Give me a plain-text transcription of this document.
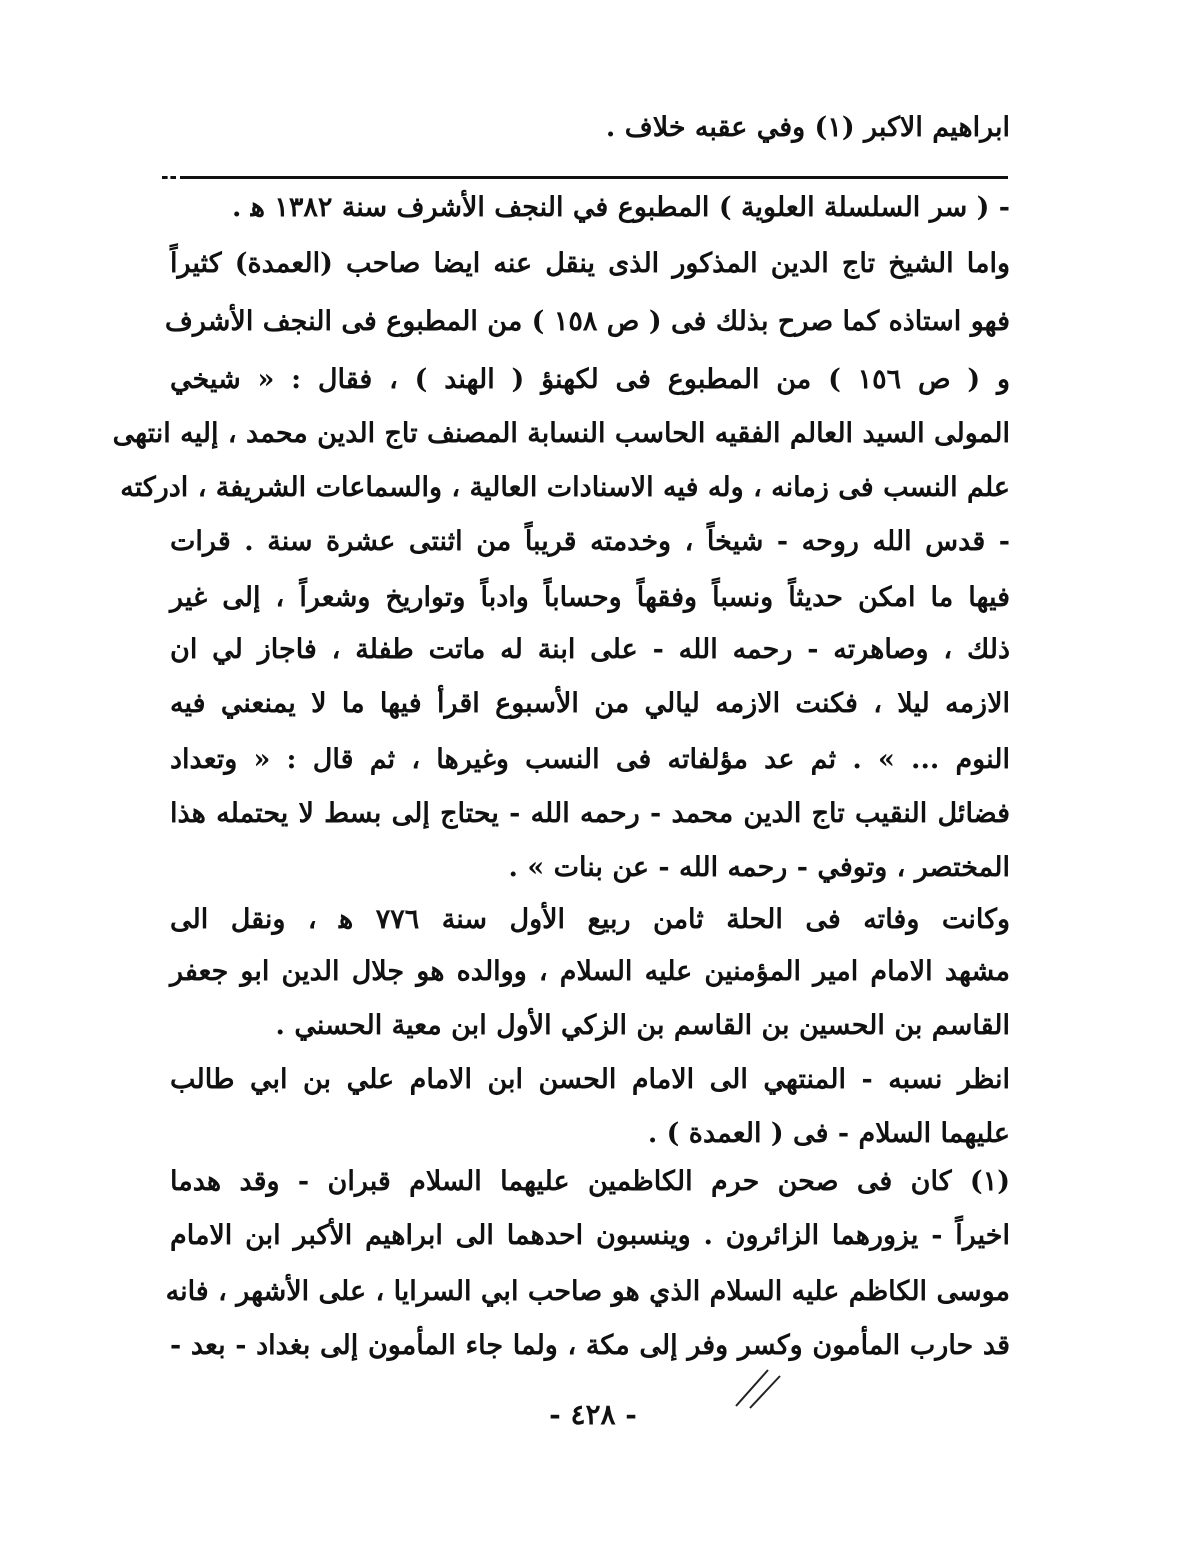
ابراهيم الاكبر (١) وفي عقبه خلاف .
- ( سر السلسلة العلوية ) المطبوع في النجف الأشرف سنة ١٣٨٢ ﻫ .
واما الشيخ تاج الدين المذكور الذى ينقل عنه ايضا صاحب (العمدة) كثيراً
فهو استاذه كما صرح بذلك فى ( ص ١٥٨ ) من المطبوع فى النجف الأشرف
و ( ص ١٥٦ ) من المطبوع فى لكهنؤ ( الهند ) ، فقال : « شيخي
المولى السيد العالم الفقيه الحاسب النسابة المصنف تاج الدين محمد ، إليه انتهى
علم النسب فى زمانه ، وله فيه الاسنادات العالية ، والسماعات الشريفة ، ادركته
- قدس الله روحه - شيخاً ، وخدمته قريباً من اثنتى عشرة سنة . قرات
فيها ما امكن حديثاً ونسباً وفقهاً وحساباً وادباً وتواريخ وشعراً ، إلى غير
ذلك ، وصاهرته - رحمه الله - على ابنة له ماتت طفلة ، فاجاز لي ان
الازمه ليلا ، فكنت الازمه ليالي من الأسبوع اقرأ فيها ما لا يمنعني فيه
النوم ... » . ثم عد مؤلفاته فى النسب وغيرها ، ثم قال : « وتعداد
فضائل النقيب تاج الدين محمد - رحمه الله - يحتاج إلى بسط لا يحتمله هذا
المختصر ، وتوفي - رحمه الله - عن بنات » .
وكانت وفاته فى الحلة ثامن ربيع الأول سنة ٧٧٦ ﻫ ، ونقل الى
مشهد الامام امير المؤمنين عليه السلام ، ووالده هو جلال الدين ابو جعفر
القاسم بن الحسين بن القاسم بن الزكي الأول ابن معية الحسني .
انظر نسبه - المنتهي الى الامام الحسن ابن الامام علي بن ابي طالب
عليهما السلام - فى ( العمدة ) .
(١) كان فى صحن حرم الكاظمين عليهما السلام قبران - وقد هدما
اخيراً - يزورهما الزائرون . وينسبون احدهما الى ابراهيم الأكبر ابن الامام
موسى الكاظم عليه السلام الذي هو صاحب ابي السرايا ، على الأشهر ، فانه
قد حارب المأمون وكسر وفر إلى مكة ، ولما جاء المأمون إلى بغداد - بعد -
- ٤٢٨ -
